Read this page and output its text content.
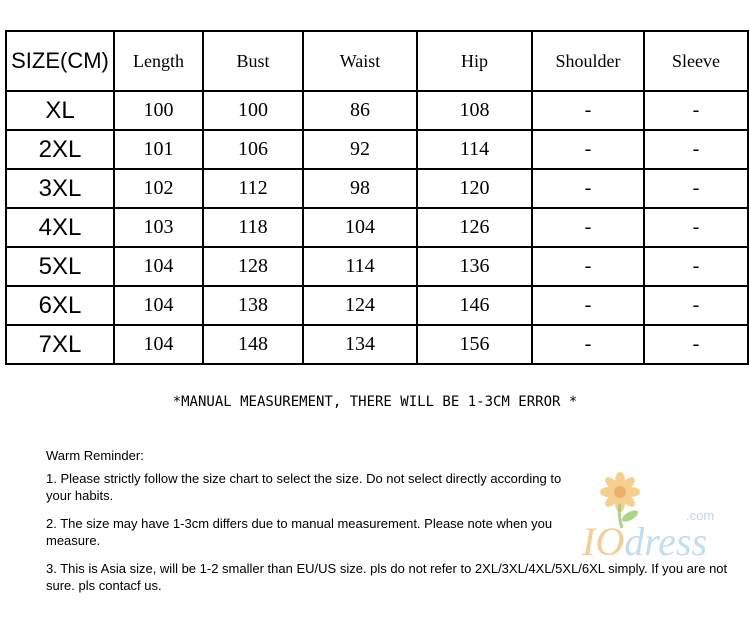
SIZE(CM)	Length	Bust	Waist	Hip	Shoulder	Sleeve
XL	100	100	86	108	-	-
2XL	101	106	92	114	-	-
3XL	102	112	98	120	-	-
4XL	103	118	104	126	-	-
5XL	104	128	114	136	-	-
6XL	104	138	124	146	-	-
7XL	104	148	134	156	-	-
*MANUAL MEASUREMENT, THERE WILL BE 1-3CM ERROR *
IOdress
.com

Warm Reminder:

1. Please strictly follow the size chart to select the size. Do not select directly according to your habits.

2. The size may have 1-3cm differs due to manual measurement. Please note when you measure.

3. This is Asia size, will be 1-2 smaller than EU/US size. pls do not refer to 2XL/3XL/4XL/5XL/6XL simply. If you are not sure. pls contacf us.
